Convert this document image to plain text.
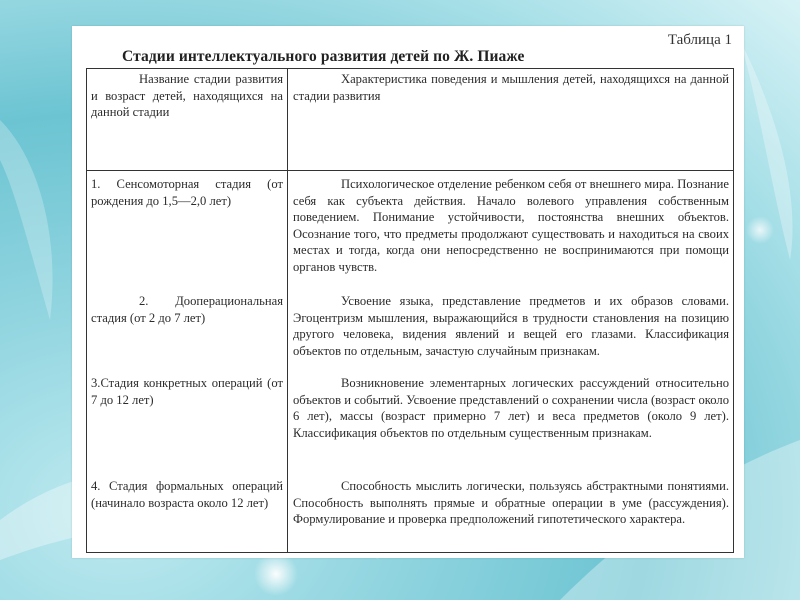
Таблица 1
Стадии интеллектуального развития детей по Ж. Пиаже
Название стадии развития и возраст детей, находящихся на данной стадии
Характеристика поведения и мышления детей, находящихся на данной стадии развития
1. Сенсомоторная стадия (от рождения до 1,5—2,0 лет)
Психологическое отделение ребенком себя от внешнего мира. Познание себя как субъекта действия. Начало волевого управления собственным поведением. Понимание устойчивости, постоянства внешних объектов. Осознание того, что предметы продолжают существовать и находиться на своих местах и тогда, когда они непосредственно не воспринимаются при помощи органов чувств.
2. Дооперациональная стадия (от 2 до 7 лет)
Усвоение языка, представление предметов и их образов словами. Эгоцентризм мышления, выражающийся в трудности становления на позицию другого человека, видения явлений и вещей его глазами. Классификация объектов по отдельным, зачастую случайным признакам.
3.Стадия конкретных операций (от 7 до 12 лет)
Возникновение элементарных логических рассуждений относительно объектов и событий. Усвоение представлений о сохранении числа (возраст около 6 лет), массы (возраст примерно 7 лет) и веса предметов (около 9 лет). Классификация объектов по отдельным существенным признакам.
4. Стадия формальных операций (начинало возраста около 12 лет)
Способность мыслить логически, пользуясь абстрактными понятиями. Способность выполнять прямые и обратные операции в уме (рассуждения). Формулирование и проверка предположений гипотетического характера.
